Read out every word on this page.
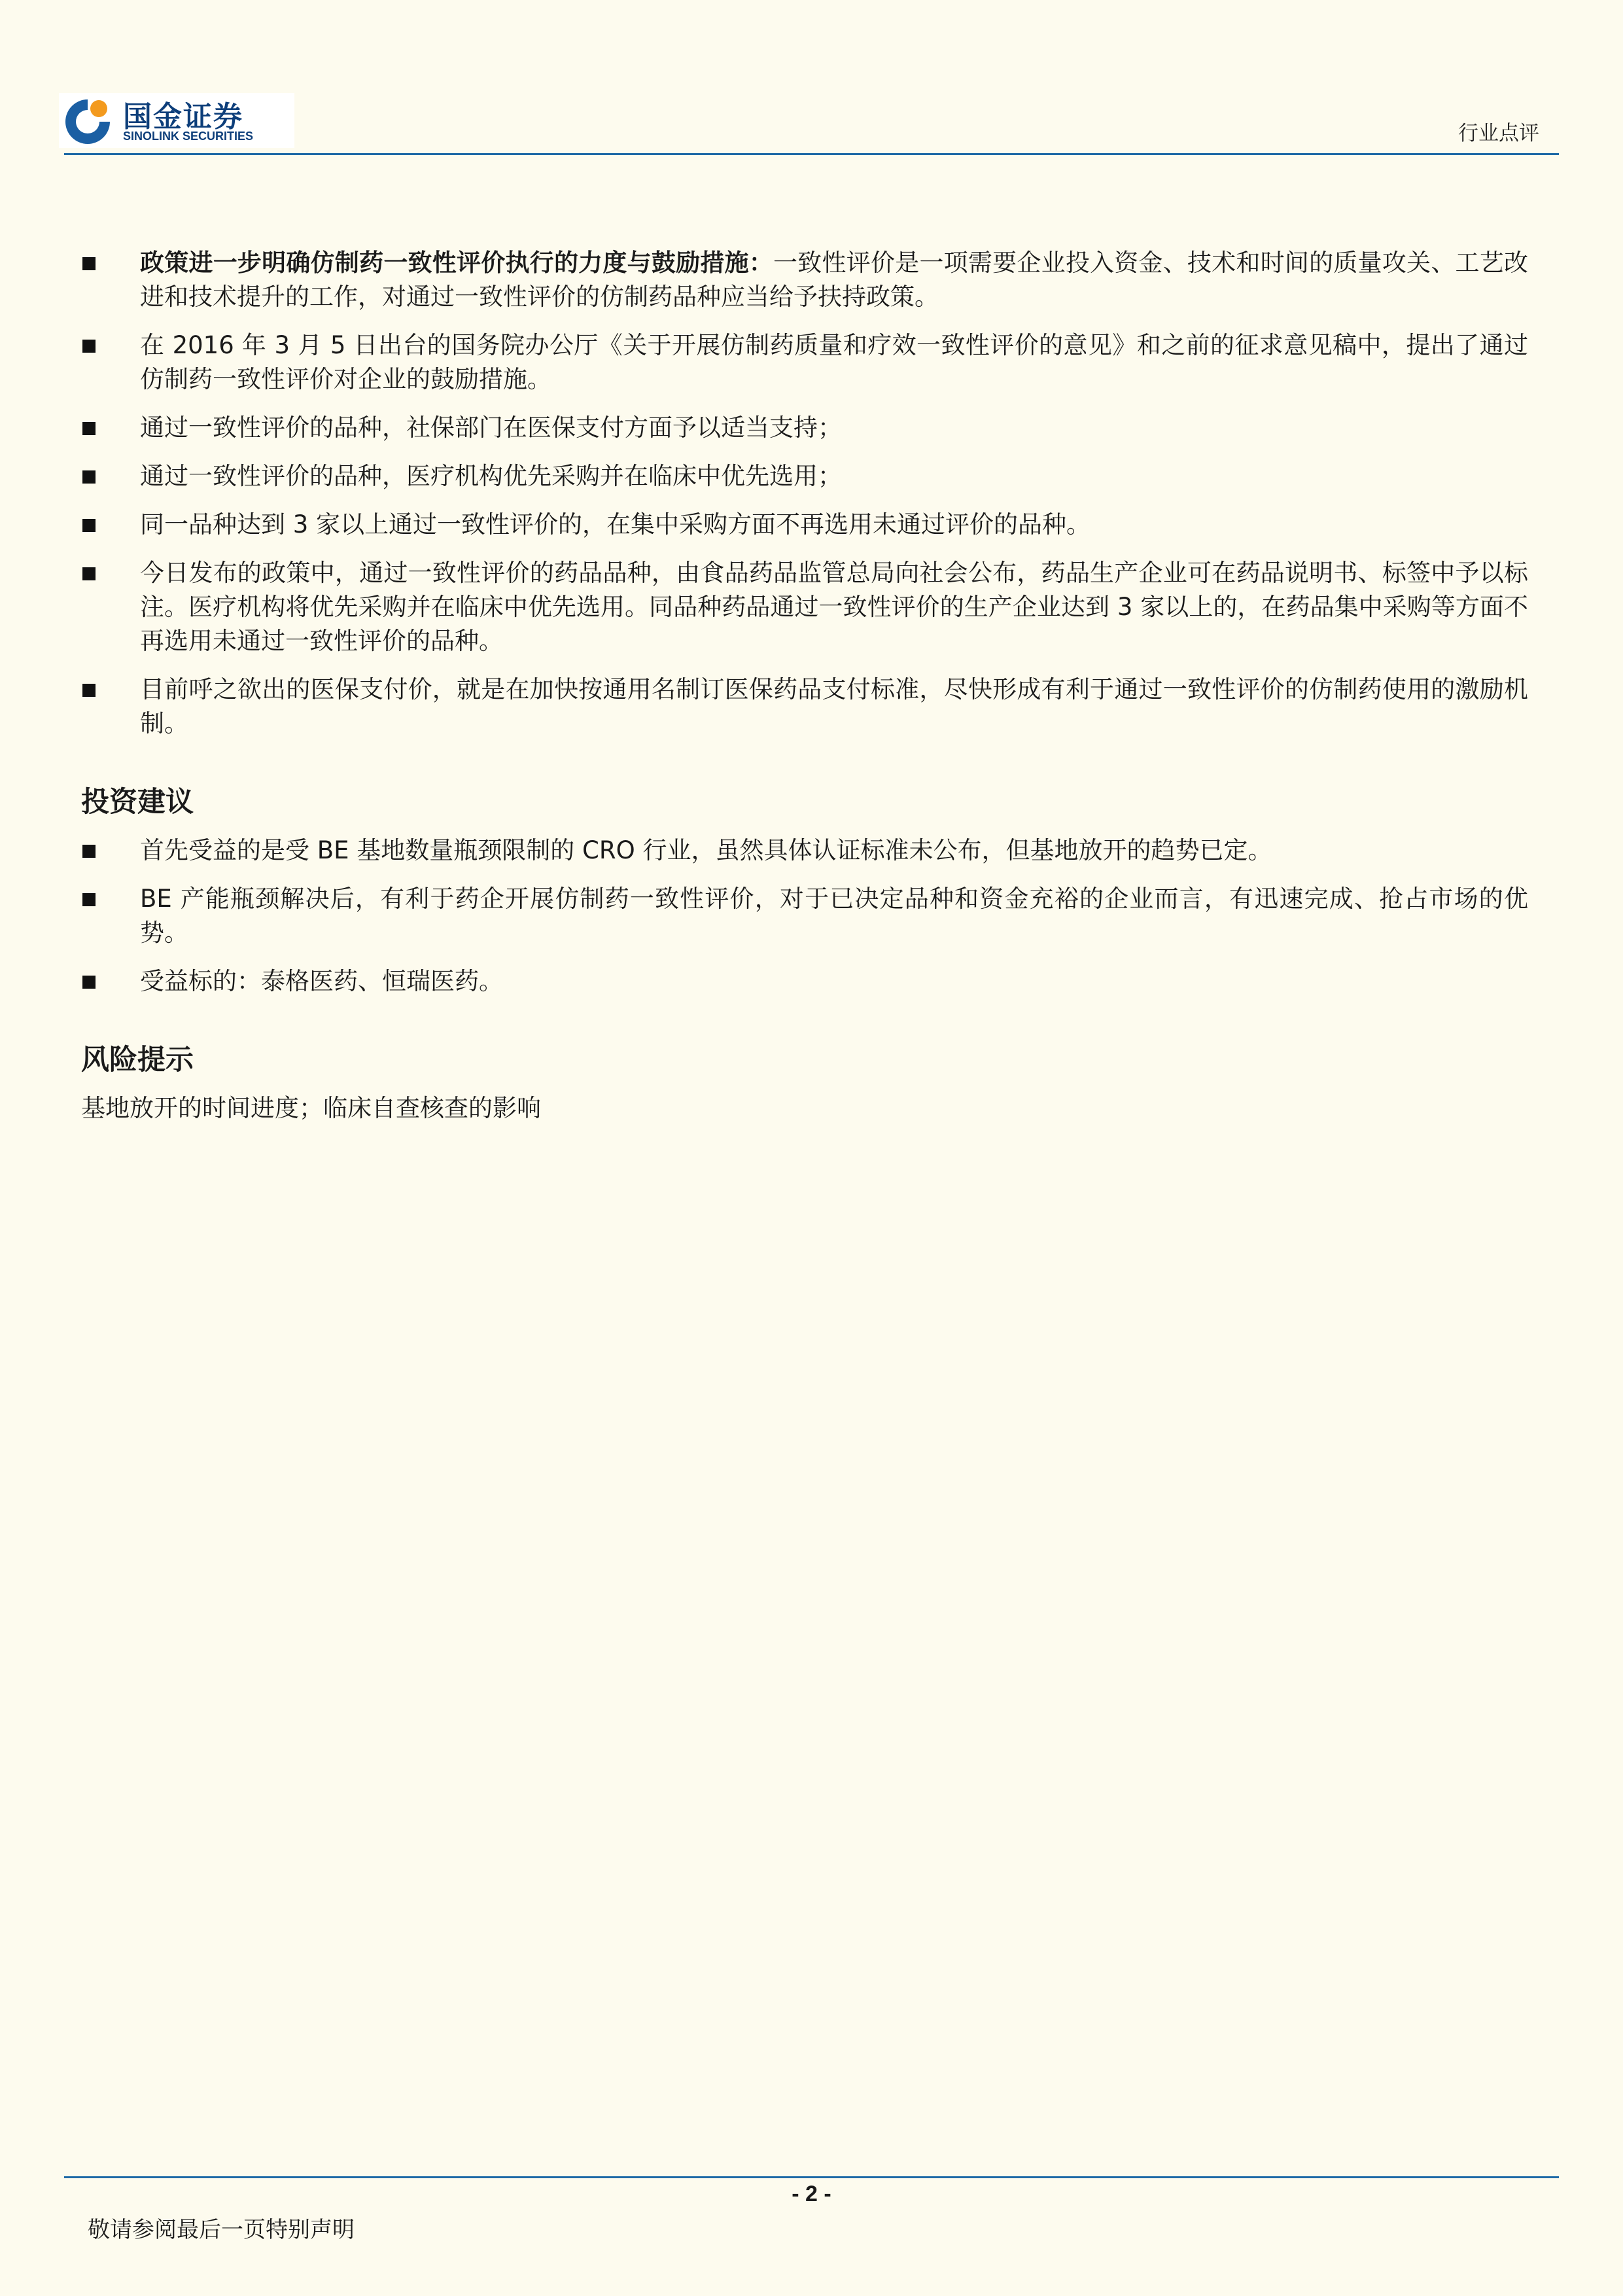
国金证券
SINOLINK SECURITIES	行业点评
政策进一步明确仿制药一致性评价执行的力度与鼓励措施：一致性评价是一项需要企业投入资金、技术和时间的质量攻关、工艺改进和技术提升的工作，对通过一致性评价的仿制药品种应当给予扶持政策。
在 2016 年 3 月 5 日出台的国务院办公厅《关于开展仿制药质量和疗效一致性评价的意见》和之前的征求意见稿中，提出了通过仿制药一致性评价对企业的鼓励措施。
通过一致性评价的品种，社保部门在医保支付方面予以适当支持；
通过一致性评价的品种，医疗机构优先采购并在临床中优先选用；
同一品种达到 3 家以上通过一致性评价的，在集中采购方面不再选用未通过评价的品种。
今日发布的政策中，通过一致性评价的药品品种，由食品药品监管总局向社会公布，药品生产企业可在药品说明书、标签中予以标注。医疗机构将优先采购并在临床中优先选用。同品种药品通过一致性评价的生产企业达到 3 家以上的，在药品集中采购等方面不再选用未通过一致性评价的品种。
目前呼之欲出的医保支付价，就是在加快按通用名制订医保药品支付标准，尽快形成有利于通过一致性评价的仿制药使用的激励机制。
投资建议
首先受益的是受 BE 基地数量瓶颈限制的 CRO 行业，虽然具体认证标准未公布，但基地放开的趋势已定。
BE 产能瓶颈解决后，有利于药企开展仿制药一致性评价，对于已决定品种和资金充裕的企业而言，有迅速完成、抢占市场的优势。
受益标的：泰格医药、恒瑞医药。
风险提示
基地放开的时间进度；临床自查核查的影响
- 2 -
敬请参阅最后一页特别声明
